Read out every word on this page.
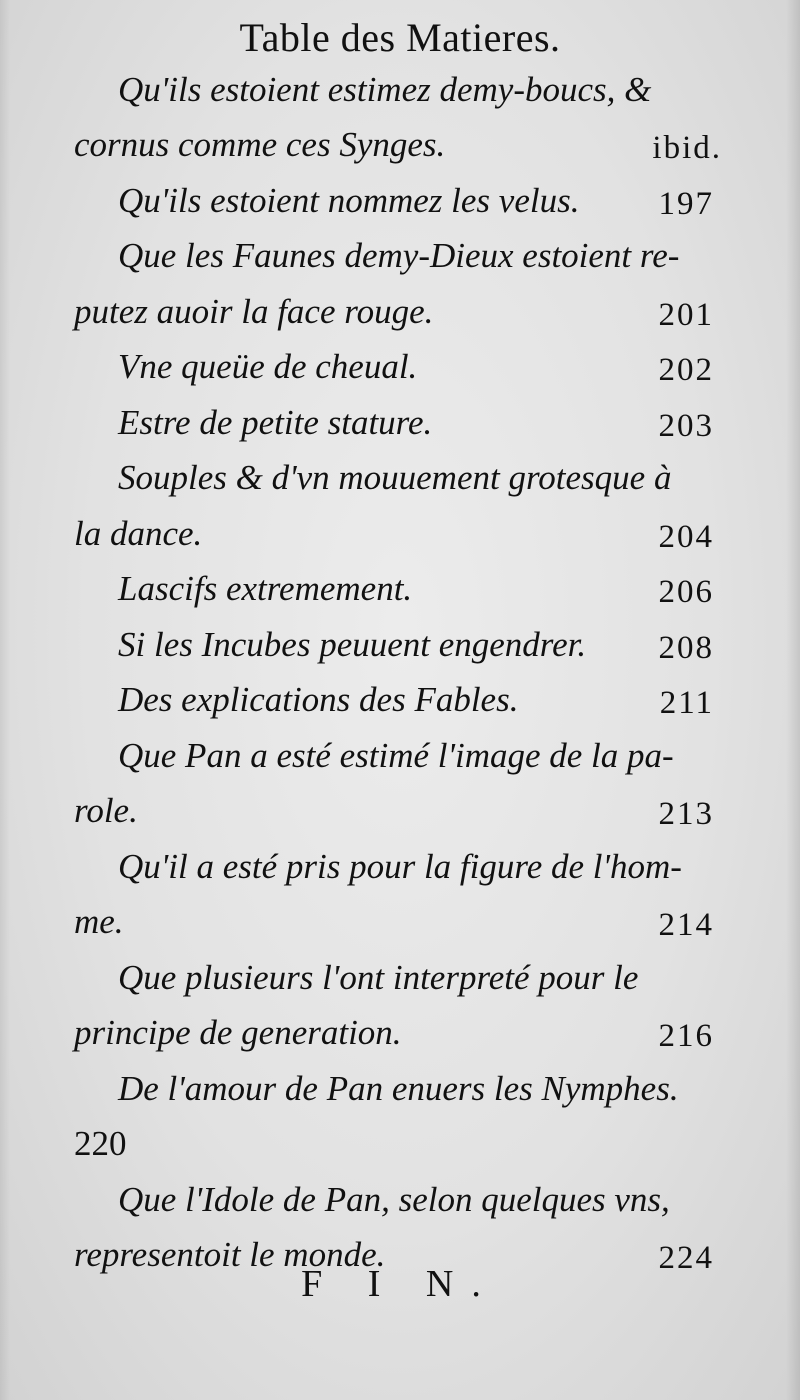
Table des Matieres.
Qu'ils estoient estimez demy-boucs, &
cornus comme ces Synges.	ibid.
Qu'ils estoient nommez les velus. 197
Que les Faunes demy-Dieux estoient re-
putez auoir la face rouge.	201
Vne queüe de cheual.	202
Estre de petite stature.	203
Souples & d'vn mouuement grotesque à
la dance.	204
Lascifs extremement.	206
Si les Incubes peuuent engendrer. 208
Des explications des Fables.	211
Que Pan a esté estimé l'image de la pa-
role.	213
Qu'il a esté pris pour la figure de l'hom-
me.	214
Que plusieurs l'ont interpreté pour le
principe de generation.	216
De l'amour de Pan enuers les Nymphes.
220
Que l'Idole de Pan, selon quelques vns,
representoit le monde.	224
F I N.
